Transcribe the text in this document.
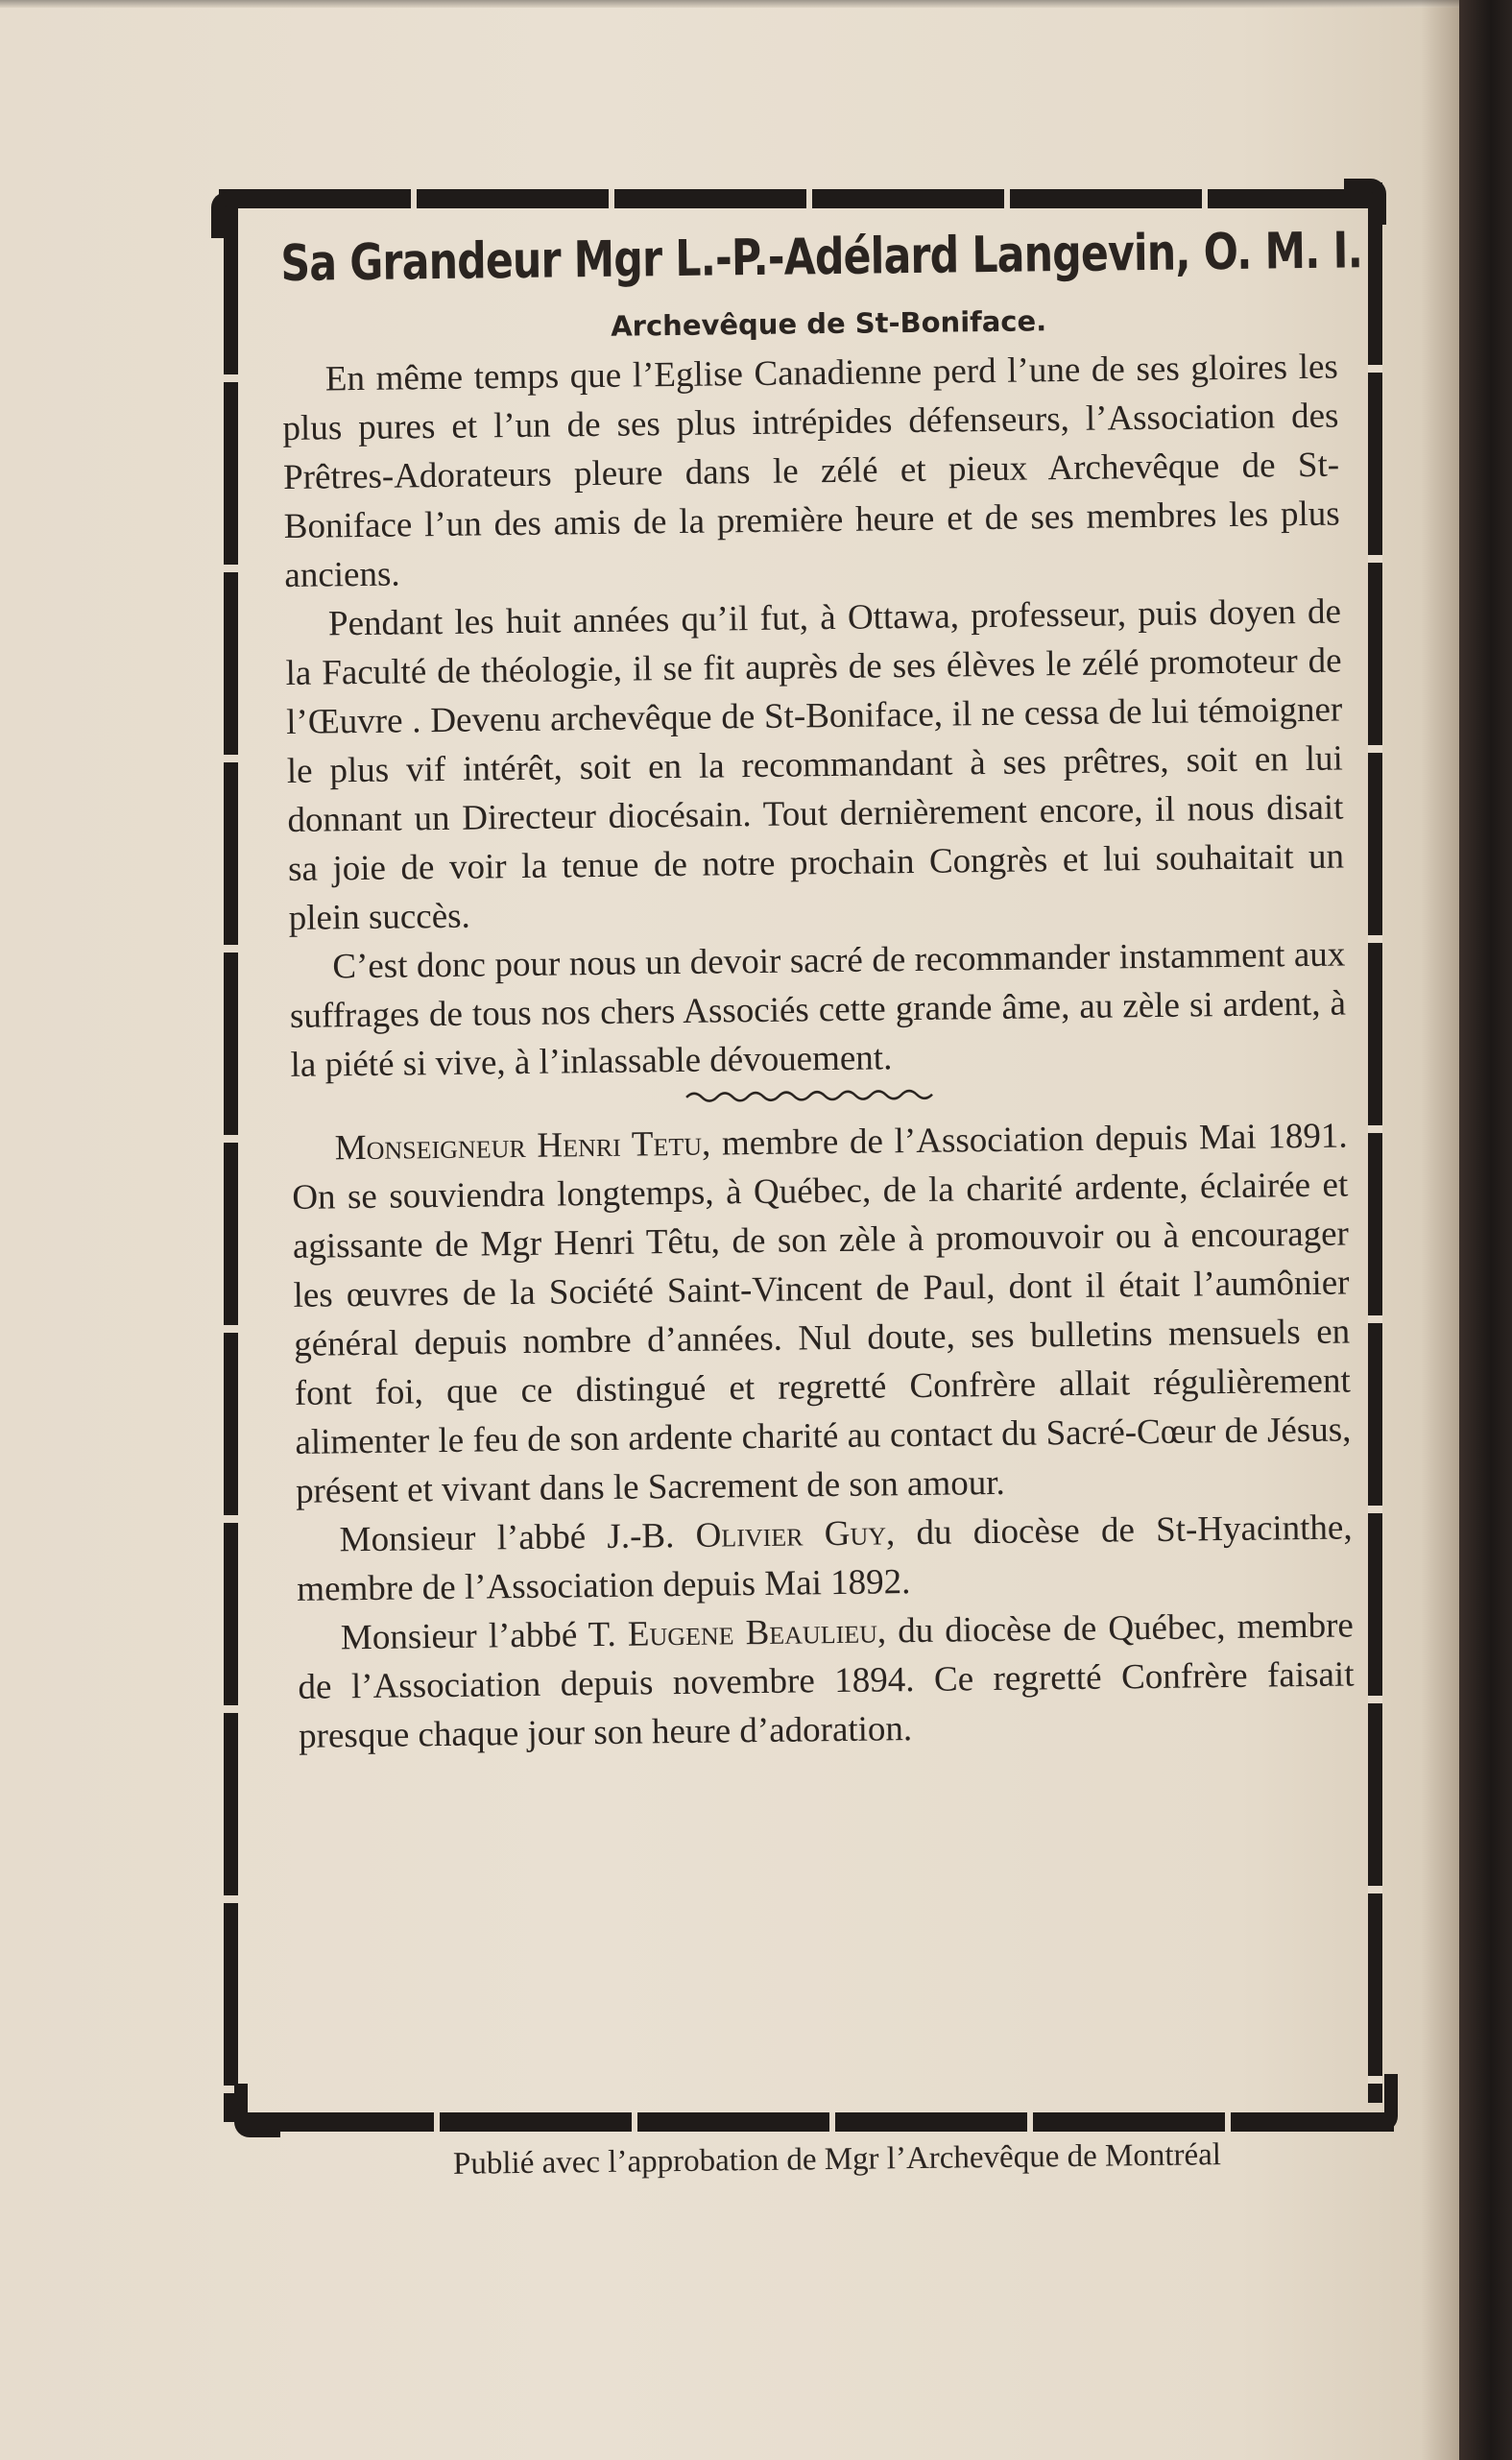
Sa Grandeur Mgr L.-P.-Adélard Langevin, O. M. I.
Archevêque de St-Boniface.

En même temps que l’Eglise Canadienne perd l’une de ses gloires les plus pures et l’un de ses plus intrépides défenseurs, l’Association des Prêtres-Adorateurs pleure dans le zélé et pieux Archevêque de St-Boniface l’un des amis de la première heure et de ses membres les plus anciens.

Pendant les huit années qu’il fut, à Ottawa, professeur, puis doyen de la Faculté de théologie, il se fit auprès de ses élèves le zélé promoteur de l’Œuvre . Devenu archevêque de St-Boniface, il ne cessa de lui témoigner le plus vif intérêt, soit en la recommandant à ses prêtres, soit en lui donnant un Directeur diocésain. Tout dernièrement encore, il nous disait sa joie de voir la tenue de notre prochain Congrès et lui souhaitait un plein succès.

C’est donc pour nous un devoir sacré de recommander instamment aux suffrages de tous nos chers Associés cette grande âme, au zèle si ardent, à la piété si vive, à l’inlassable dévouement.

Monseigneur Henri Tetu, membre de l’Association depuis Mai 1891. On se souviendra longtemps, à Québec, de la charité ardente, éclairée et agissante de Mgr Henri Têtu, de son zèle à promouvoir ou à encourager les œuvres de la Société Saint-Vincent de Paul, dont il était l’aumônier général depuis nombre d’années. Nul doute, ses bulletins mensuels en font foi, que ce distingué et regretté Confrère allait régulièrement alimenter le feu de son ardente charité au contact du Sacré-Cœur de Jésus, présent et vivant dans le Sacrement de son amour.

Monsieur l’abbé J.-B. Olivier Guy, du diocèse de St-Hyacinthe, membre de l’Association depuis Mai 1892.

Monsieur l’abbé T. Eugene Beaulieu, du diocèse de Québec, membre de l’Association depuis novembre 1894. Ce regretté Confrère faisait presque chaque jour son heure d’adoration.

Publié avec l’approbation de Mgr l’Archevêque de Montréal
